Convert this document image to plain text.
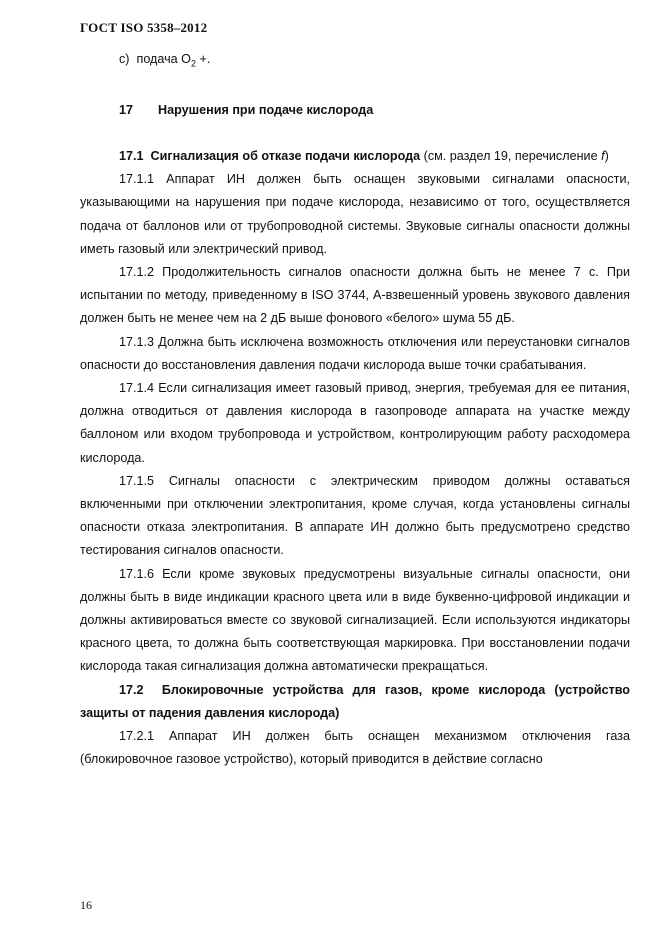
ГОСТ ISO 5358–2012

c) подача $O_2$ +.

17 Нарушения при подаче кислорода

17.1 Сигнализация об отказе подачи кислорода (см. раздел 19, перечисление f)

17.1.1 Аппарат ИН должен быть оснащен звуковыми сигналами опасности, указывающими на нарушения при подаче кислорода, независимо от того, осуществляется подача от баллонов или от трубопроводной системы. Звуковые сигналы опасности должны иметь газовый или электрический привод.

17.1.2 Продолжительность сигналов опасности должна быть не менее 7 с. При испытании по методу, приведенному в ISO 3744, А-взвешенный уровень звукового давления должен быть не менее чем на 2 дБ выше фонового «белого» шума 55 дБ.

17.1.3 Должна быть исключена возможность отключения или переустановки сигналов опасности до восстановления давления подачи кислорода выше точки срабатывания.

17.1.4 Если сигнализация имеет газовый привод, энергия, требуемая для ее питания, должна отводиться от давления кислорода в газопроводе аппарата на участке между баллоном или входом трубопровода и устройством, контролирующим работу расходомера кислорода.

17.1.5 Сигналы опасности с электрическим приводом должны оставаться включенными при отключении электропитания, кроме случая, когда установлены сигналы опасности отказа электропитания. В аппарате ИН должно быть предусмотрено средство тестирования сигналов опасности.

17.1.6 Если кроме звуковых предусмотрены визуальные сигналы опасности, они должны быть в виде индикации красного цвета или в виде буквенно-цифровой индикации и должны активироваться вместе со звуковой сигнализацией. Если используются индикаторы красного цвета, то должна быть соответствующая маркировка. При восстановлении подачи кислорода такая сигнализация должна автоматически прекращаться.

17.2 Блокировочные устройства для газов, кроме кислорода (устройство защиты от падения давления кислорода)

17.2.1 Аппарат ИН должен быть оснащен механизмом отключения газа (блокировочное газовое устройство), который приводится в действие согласно

16
